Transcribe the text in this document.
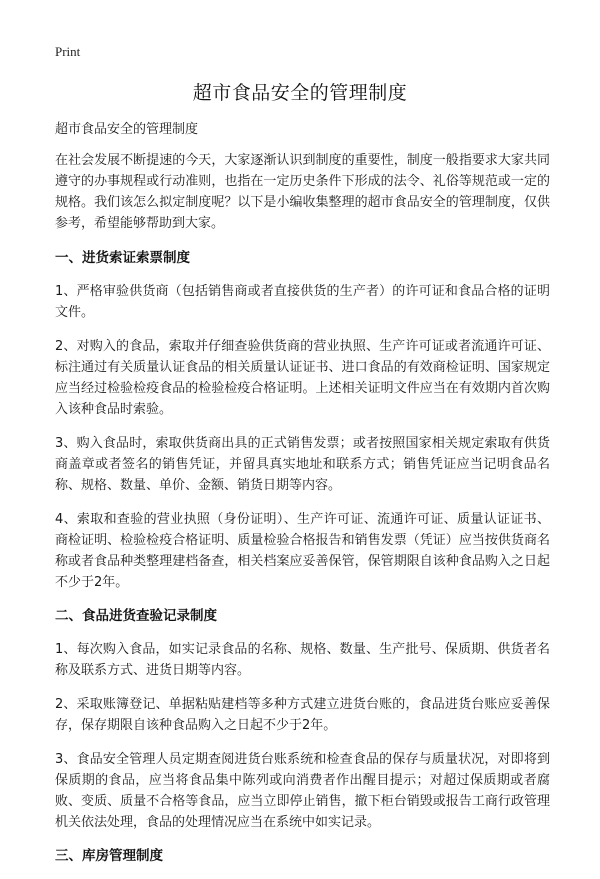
Print
超市食品安全的管理制度

超市食品安全的管理制度

在社会发展不断提速的今天，大家逐渐认识到制度的重要性，制度一般指要求大家共同遵守的办事规程或行动准则，也指在一定历史条件下形成的法令、礼俗等规范或一定的规格。我们该怎么拟定制度呢？以下是小编收集整理的超市食品安全的管理制度，仅供参考，希望能够帮助到大家。

一、进货索证索票制度

1、严格审验供货商（包括销售商或者直接供货的生产者）的许可证和食品合格的证明文件。

2、对购入的食品，索取并仔细查验供货商的营业执照、生产许可证或者流通许可证、标注通过有关质量认证食品的相关质量认证证书、进口食品的有效商检证明、国家规定应当经过检验检疫食品的检验检疫合格证明。上述相关证明文件应当在有效期内首次购入该种食品时索验。

3、购入食品时，索取供货商出具的正式销售发票；或者按照国家相关规定索取有供货商盖章或者签名的销售凭证，并留具真实地址和联系方式；销售凭证应当记明食品名称、规格、数量、单价、金额、销货日期等内容。

4、索取和查验的营业执照（身份证明）、生产许可证、流通许可证、质量认证证书、商检证明、检验检疫合格证明、质量检验合格报告和销售发票（凭证）应当按供货商名称或者食品种类整理建档备查，相关档案应妥善保管，保管期限自该种食品购入之日起不少于2年。

二、食品进货查验记录制度

1、每次购入食品，如实记录食品的名称、规格、数量、生产批号、保质期、供货者名称及联系方式、进货日期等内容。

2、采取账簿登记、单据粘贴建档等多种方式建立进货台账的，食品进货台账应妥善保存，保存期限自该种食品购入之日起不少于2年。

3、食品安全管理人员定期查阅进货台账系统和检查食品的保存与质量状况，对即将到保质期的食品，应当将食品集中陈列或向消费者作出醒目提示；对超过保质期或者腐败、变质、质量不合格等食品，应当立即停止销售，撤下柜台销毁或报告工商行政管理机关依法处理，食品的处理情况应当在系统中如实记录。

三、库房管理制度
